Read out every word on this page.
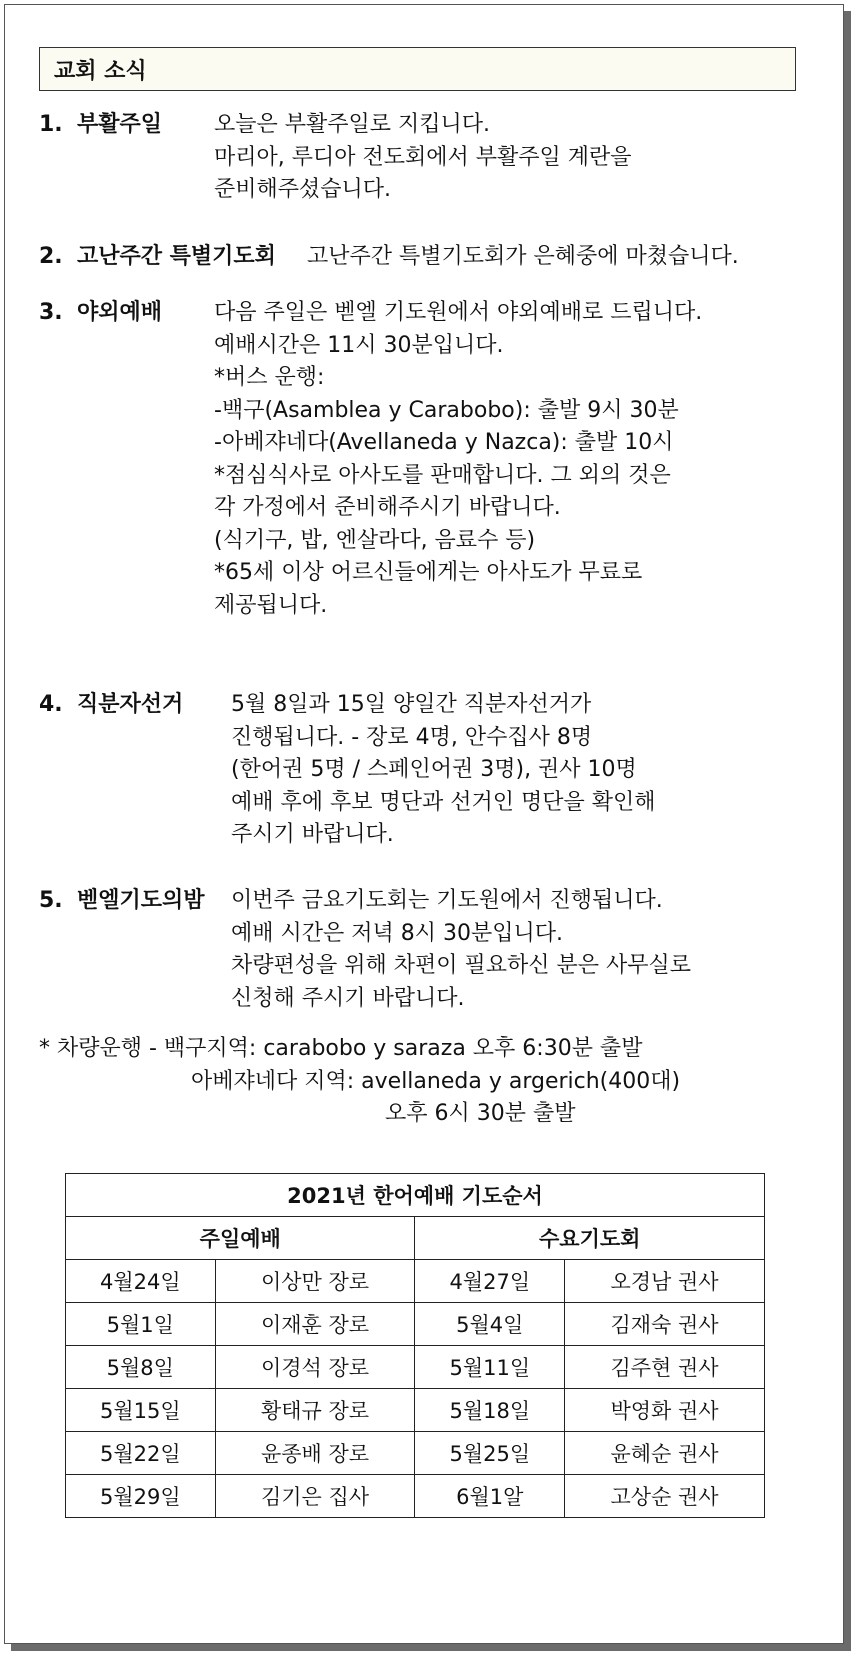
교회 소식
1. 부활주일 오늘은 부활주일로 지킵니다.
마리아, 루디아 전도회에서 부활주일 계란을
준비해주셨습니다.
2. 고난주간 특별기도회 고난주간 특별기도회가 은혜중에 마쳤습니다.
3. 야외예배 다음 주일은 벧엘 기도원에서 야외예배로 드립니다.
예배시간은 11시 30분입니다.
*버스 운행:
-백구(Asamblea y Carabobo): 출발 9시 30분
-아베쟈네다(Avellaneda y Nazca): 출발 10시
*점심식사로 아사도를 판매합니다. 그 외의 것은
각 가정에서 준비해주시기 바랍니다.
(식기구, 밥, 엔살라다, 음료수 등)
*65세 이상 어르신들에게는 아사도가 무료로
제공됩니다.
4. 직분자선거 5월 8일과 15일 양일간 직분자선거가
진행됩니다. - 장로 4명, 안수집사 8명
(한어권 5명 / 스페인어권 3명), 권사 10명
예배 후에 후보 명단과 선거인 명단을 확인해
주시기 바랍니다.
5. 벧엘기도의밤 이번주 금요기도회는 기도원에서 진행됩니다.
예배 시간은 저녁 8시 30분입니다.
차량편성을 위해 차편이 필요하신 분은 사무실로
신청해 주시기 바랍니다.
* 차량운행 - 백구지역: carabobo y saraza 오후 6:30분 출발
아베쟈네다 지역: avellaneda y argerich(400대)
오후 6시 30분 출발
2021년 한어예배 기도순서			
주일예배		수요기도회	
4월24일	이상만 장로	4월27일	오경남 권사
5월1일	이재훈 장로	5월4일	김재숙 권사
5월8일	이경석 장로	5월11일	김주현 권사
5월15일	황태규 장로	5월18일	박영화 권사
5월22일	윤종배 장로	5월25일	윤혜순 권사
5월29일	김기은 집사	6월1알	고상순 권사
